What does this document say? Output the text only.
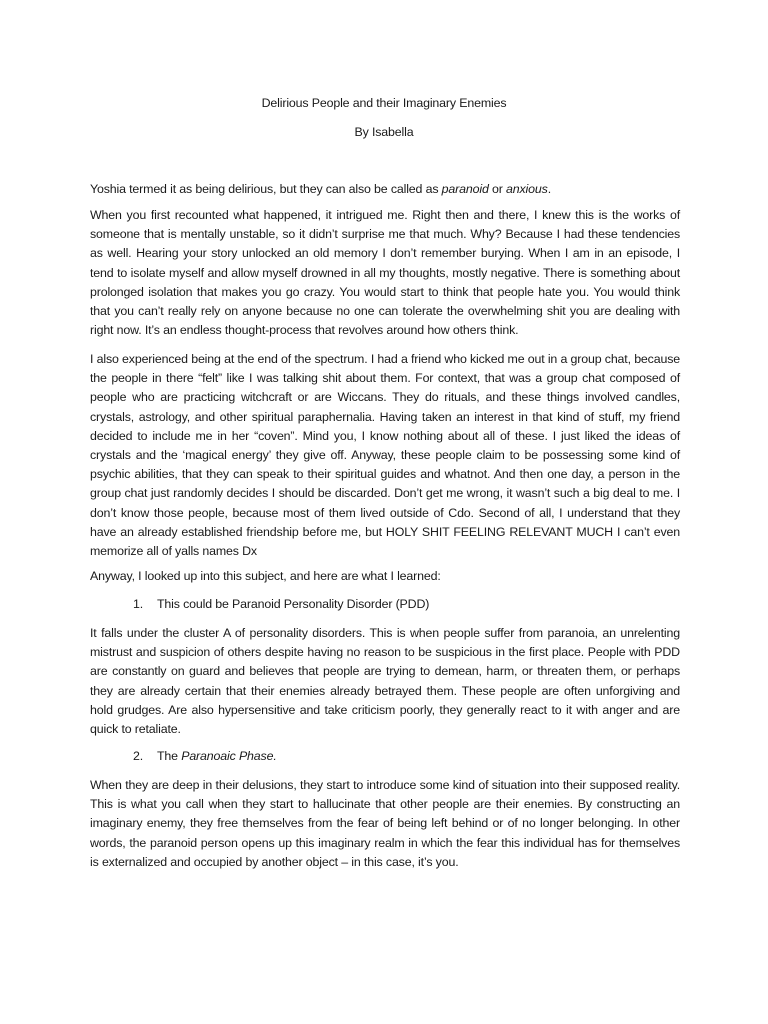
Delirious People and their Imaginary Enemies

By Isabella

Yoshia termed it as being delirious, but they can also be called as paranoid or anxious.

When you first recounted what happened, it intrigued me. Right then and there, I knew this is the works of someone that is mentally unstable, so it didn’t surprise me that much. Why? Because I had these tendencies as well. Hearing your story unlocked an old memory I don’t remember burying. When I am in an episode, I tend to isolate myself and allow myself drowned in all my thoughts, mostly negative. There is something about prolonged isolation that makes you go crazy. You would start to think that people hate you. You would think that you can’t really rely on anyone because no one can tolerate the overwhelming shit you are dealing with right now. It’s an endless thought-process that revolves around how others think.

I also experienced being at the end of the spectrum. I had a friend who kicked me out in a group chat, because the people in there “felt” like I was talking shit about them. For context, that was a group chat composed of people who are practicing witchcraft or are Wiccans. They do rituals, and these things involved candles, crystals, astrology, and other spiritual paraphernalia. Having taken an interest in that kind of stuff, my friend decided to include me in her “coven”. Mind you, I know nothing about all of these. I just liked the ideas of crystals and the ‘magical energy’ they give off. Anyway, these people claim to be possessing some kind of psychic abilities, that they can speak to their spiritual guides and whatnot. And then one day, a person in the group chat just randomly decides I should be discarded. Don’t get me wrong, it wasn’t such a big deal to me. I don’t know those people, because most of them lived outside of Cdo. Second of all, I understand that they have an already established friendship before me, but HOLY SHIT FEELING RELEVANT MUCH I can’t even memorize all of yalls names Dx

Anyway, I looked up into this subject, and here are what I learned:

1. This could be Paranoid Personality Disorder (PDD)

It falls under the cluster A of personality disorders. This is when people suffer from paranoia, an unrelenting mistrust and suspicion of others despite having no reason to be suspicious in the first place. People with PDD are constantly on guard and believes that people are trying to demean, harm, or threaten them, or perhaps they are already certain that their enemies already betrayed them. These people are often unforgiving and hold grudges. Are also hypersensitive and take criticism poorly, they generally react to it with anger and are quick to retaliate.

2. The Paranoaic Phase.

When they are deep in their delusions, they start to introduce some kind of situation into their supposed reality. This is what you call when they start to hallucinate that other people are their enemies. By constructing an imaginary enemy, they free themselves from the fear of being left behind or of no longer belonging. In other words, the paranoid person opens up this imaginary realm in which the fear this individual has for themselves is externalized and occupied by another object – in this case, it’s you.
